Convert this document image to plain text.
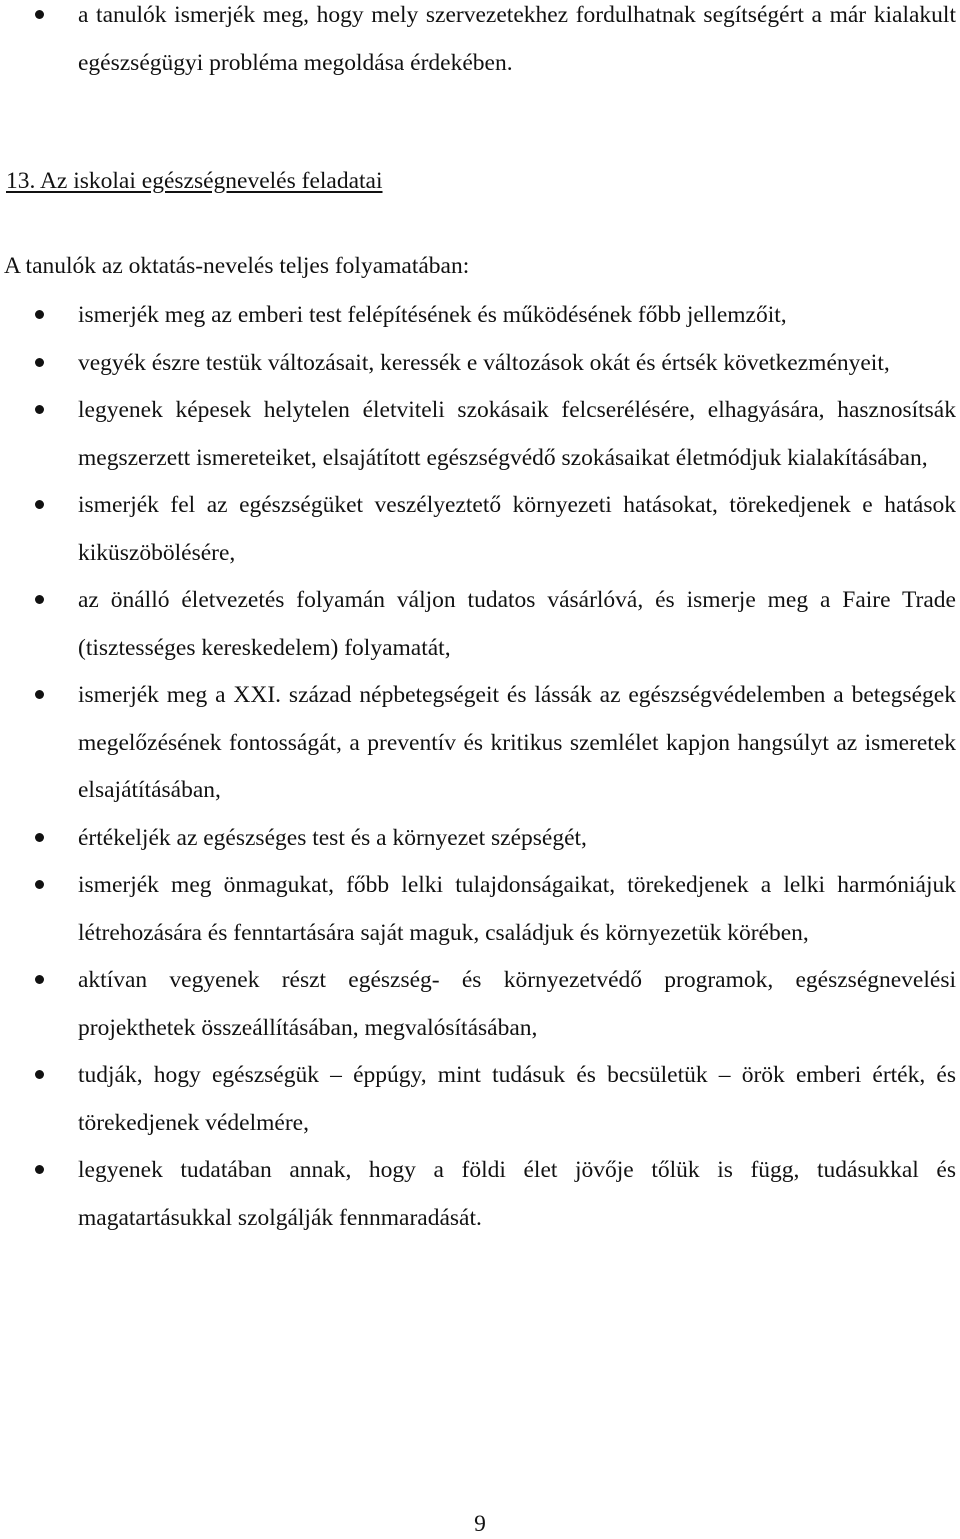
a tanulók ismerjék meg, hogy mely szervezetekhez fordulhatnak segítségért a már kialakult egészségügyi probléma megoldása érdekében.
13. Az iskolai egészségnevelés feladatai

A tanulók az oktatás-nevelés teljes folyamatában:

ismerjék meg az emberi test felépítésének és működésének főbb jellemzőit,
vegyék észre testük változásait, keressék e változások okát és értsék következményeit,
legyenek képesek helytelen életviteli szokásaik felcserélésére, elhagyására, hasznosítsák megszerzett ismereteiket, elsajátított egészségvédő szokásaikat életmódjuk kialakításában,
ismerjék fel az egészségüket veszélyeztető környezeti hatásokat, törekedjenek e hatások kiküszöbölésére,
az önálló életvezetés folyamán váljon tudatos vásárlóvá, és ismerje meg a Faire Trade (tisztességes kereskedelem) folyamatát,
ismerjék meg a XXI. század népbetegségeit és lássák az egészségvédelemben a betegségek megelőzésének fontosságát, a preventív és kritikus szemlélet kapjon hangsúlyt az ismeretek elsajátításában,
értékeljék az egészséges test és a környezet szépségét,
ismerjék meg önmagukat, főbb lelki tulajdonságaikat, törekedjenek a lelki harmóniájuk létrehozására és fenntartására saját maguk, családjuk és környezetük körében,
aktívan vegyenek részt egészség- és környezetvédő programok, egészségnevelési projekthetek összeállításában, megvalósításában,
tudják, hogy egészségük – éppúgy, mint tudásuk és becsületük – örök emberi érték, és törekedjenek védelmére,
legyenek tudatában annak, hogy a földi élet jövője tőlük is függ, tudásukkal és magatartásukkal szolgálják fennmaradását.
9
